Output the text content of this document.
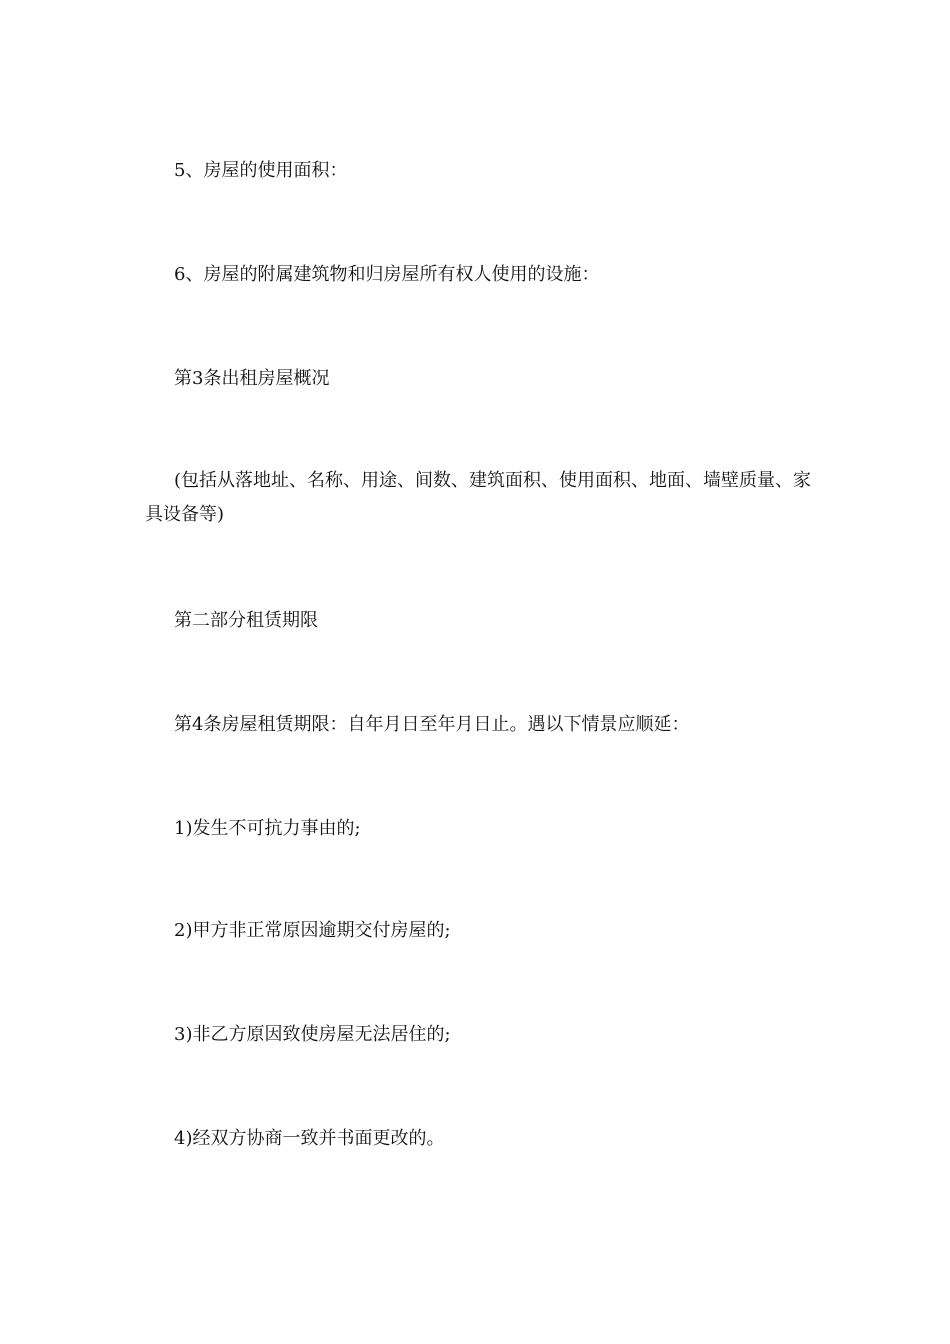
5、房屋的使用面积：

6、房屋的附属建筑物和归房屋所有权人使用的设施：

第3条出租房屋概况

(包括从落地址、名称、用途、间数、建筑面积、使用面积、地面、墙壁质量、家具设备等)

第二部分租赁期限

第4条房屋租赁期限：自年月日至年月日止。遇以下情景应顺延：

1)发生不可抗力事由的;

2)甲方非正常原因逾期交付房屋的;

3)非乙方原因致使房屋无法居住的;

4)经双方协商一致并书面更改的。
